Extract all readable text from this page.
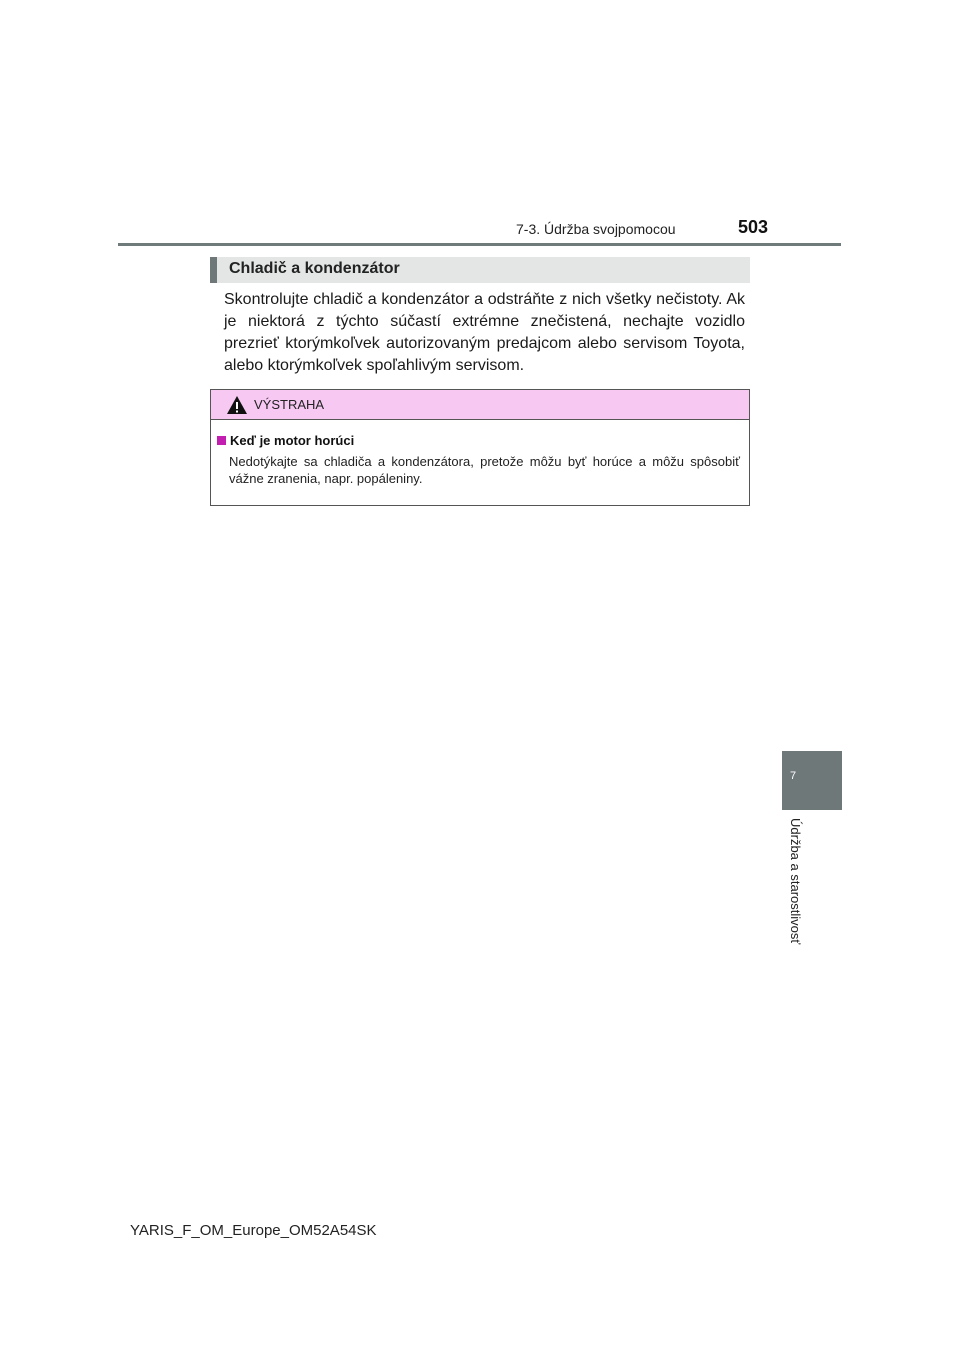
7-3. Údržba svojpomocou	503
Chladič a kondenzátor

Skontrolujte chladič a kondenzátor a odstráňte z nich všetky nečistoty. Ak je niektorá z týchto súčastí extrémne znečistená, nechajte vozidlo prezrieť ktorýmkoľvek autorizovaným predajcom alebo servisom Toyota, alebo ktorýmkoľvek spoľahlivým servisom.

VÝSTRAHA
Keď je motor horúci

Nedotýkajte sa chladiča a kondenzátora, pretože môžu byť horúce a môžu spôsobiť vážne zranenia, napr. popáleniny.

7
Údržba a starostlivosť
YARIS_F_OM_Europe_OM52A54SK
